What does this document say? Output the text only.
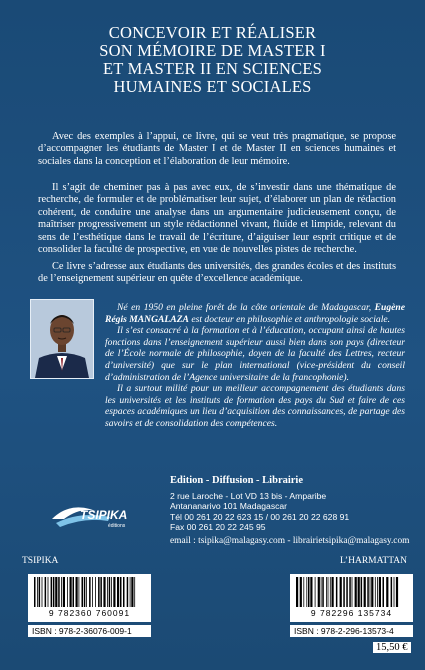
CONCEVOIR ET RÉALISER
SON MÉMOIRE DE MASTER I
ET MASTER II EN SCIENCES
HUMAINES ET SOCIALES
Avec des exemples à l’appui, ce livre, qui se veut très pragmatique, se propose d’accompagner les étudiants de Master I et de Master II en sciences humaines et sociales dans la conception et l’élaboration de leur mémoire.
Il s’agit de cheminer pas à pas avec eux, de s’investir dans une thématique de recherche, de formuler et de problématiser leur sujet, d’élaborer un plan de rédaction cohérent, de conduire une analyse dans un argumentaire judicieusement conçu, de maîtriser progressivement un style rédactionnel vivant, fluide et limpide, relevant du sens de l’esthétique dans le travail de l’écriture, d’aiguiser leur esprit critique et de consolider la faculté de prospective, en vue de nouvelles pistes de recherche.
Ce livre s’adresse aux étudiants des universités, des grandes écoles et des instituts de l’enseignement supérieur en quête d’excellence académique.

Né en 1950 en pleine forêt de la côte orientale de Madagascar, Eugène Régis MANGALAZA est docteur en philosophie et anthropologie sociale.

Il s’est consacré à la formation et à l’éducation, occupant ainsi de hautes fonctions dans l’enseignement supérieur aussi bien dans son pays (directeur de l’École normale de philosophie, doyen de la faculté des Lettres, recteur d’université) que sur le plan international (vice-président du conseil d’administration de l’Agence universitaire de la francophonie).

Il a surtout milité pour un meilleur accompagnement des étudiants dans les universités et les instituts de formation des pays du Sud et faire de ces espaces académiques un lieu d’acquisition des connaissances, de partage des savoirs et de consolidation des compétences.

TSIPIKA
éditions
Edition - Diffusion - Librairie
2 rue Laroche - Lot VD 13 bis - Amparibe
Antananarivo 101 Madagascar
Tél 00 261 20 22 623 15 / 00 261 20 22 628 91
Fax 00 261 20 22 245 95
email : tsipika@malagasy.com - librairietsipika@malagasy.com
TSIPIKA	L’HARMATTAN
9 782360 760091	9 782296 135734
ISBN : 978-2-36076-009-1	ISBN : 978-2-296-13573-4
15,50 €
